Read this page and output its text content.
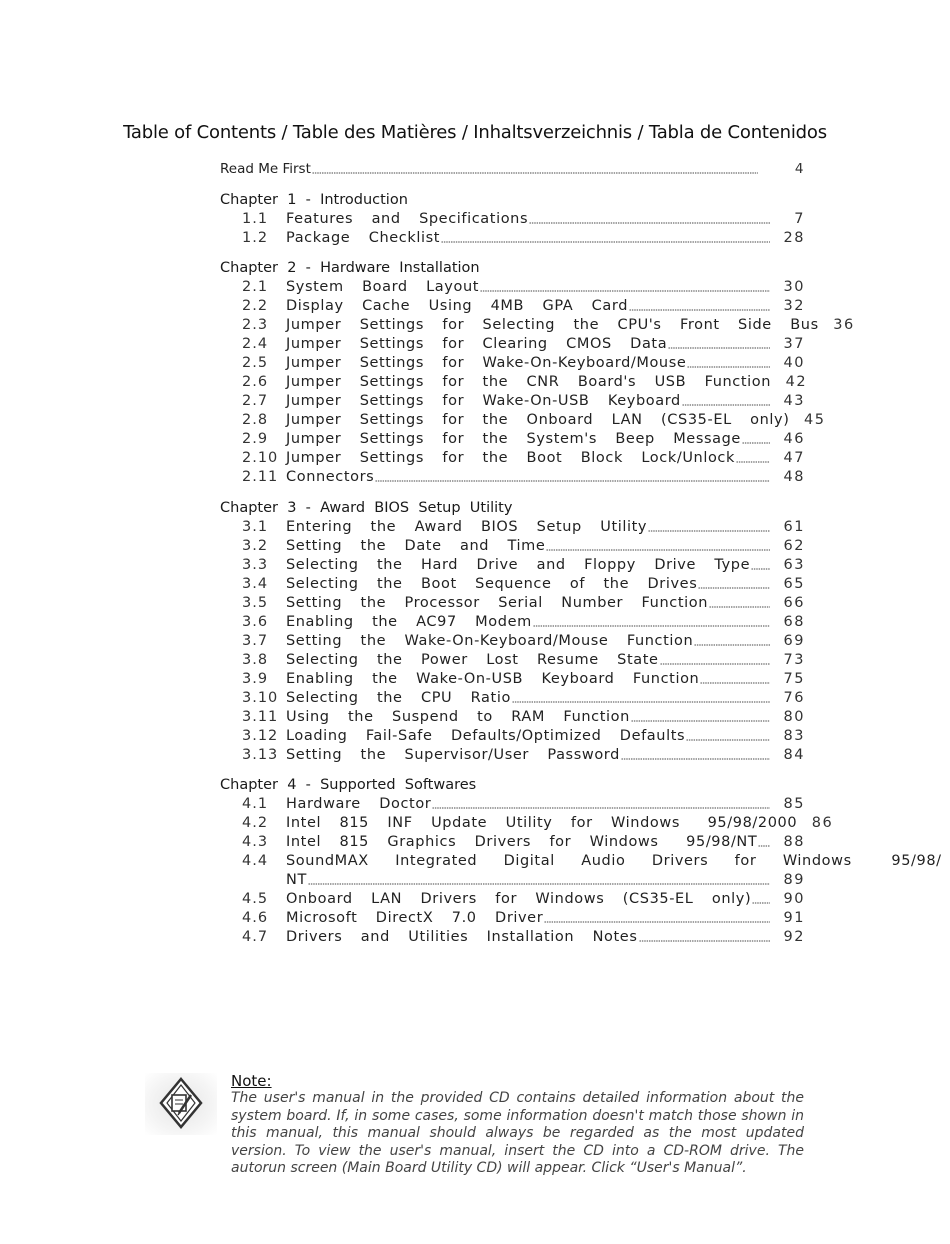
Table of Contents / Table des Matières / Inhaltsverzeichnis / Tabla de Contenidos
Read Me First	4
Chapter  1  -  Introduction
1.1	Features  and  Specifications	7
1.2	Package  Checklist	28
Chapter  2  -  Hardware  Installation
2.1	System  Board  Layout	30
2.2	Display  Cache  Using  4MB  GPA  Card	32
2.3	Jumper  Settings  for  Selecting  the  CPU's  Front  Side  Bus	36
2.4	Jumper  Settings  for  Clearing  CMOS  Data	37
2.5	Jumper  Settings  for  Wake-On-Keyboard/Mouse	40
2.6	Jumper  Settings  for  the  CNR  Board's  USB  Function	42
2.7	Jumper  Settings  for  Wake-On-USB  Keyboard	43
2.8	Jumper  Settings  for  the  Onboard  LAN  (CS35-EL  only)	45
2.9	Jumper  Settings  for  the  System's  Beep  Message	46
2.10 Jumper  Settings  for  the  Boot  Block  Lock/Unlock	47
2.11 Connectors	48
Chapter  3  -  Award  BIOS  Setup  Utility
3.1	Entering  the  Award  BIOS  Setup  Utility	61
3.2	Setting  the  Date  and  Time	62
3.3	Selecting  the  Hard  Drive  and  Floppy  Drive  Type	63
3.4	Selecting  the  Boot  Sequence  of  the  Drives	65
3.5	Setting  the  Processor  Serial  Number  Function	66
3.6	Enabling  the  AC97  Modem	68
3.7	Setting  the  Wake-On-Keyboard/Mouse  Function	69
3.8	Selecting  the  Power  Lost  Resume  State	73
3.9	Enabling  the  Wake-On-USB  Keyboard  Function	75
3.10 Selecting  the  CPU  Ratio	76
3.11 Using  the  Suspend  to  RAM  Function	80
3.12 Loading  Fail-Safe  Defaults/Optimized  Defaults	83
3.13 Setting  the  Supervisor/User  Password	84
Chapter  4  -  Supported  Softwares
4.1	Hardware  Doctor	85
4.2	Intel  815  INF  Update  Utility  for  Windows   95/98/2000	86
4.3	Intel  815  Graphics  Drivers  for  Windows   95/98/NT	88
4.4	SoundMAX  Integrated  Digital  Audio  Drivers  for  Windows   95/98/
NT	89
4.5	Onboard  LAN  Drivers  for  Windows  (CS35-EL  only)	90
4.6	Microsoft  DirectX  7.0  Driver	91
4.7	Drivers  and  Utilities  Installation  Notes	92
Note:
The user's manual in the provided CD contains detailed information about the system board. If, in some cases, some information doesn't match those shown in this manual, this manual should always be regarded as the most updated version. To view the user's manual, insert the CD into a CD-ROM drive. The autorun screen (Main Board Utility CD) will appear. Click “User's Manual”.
